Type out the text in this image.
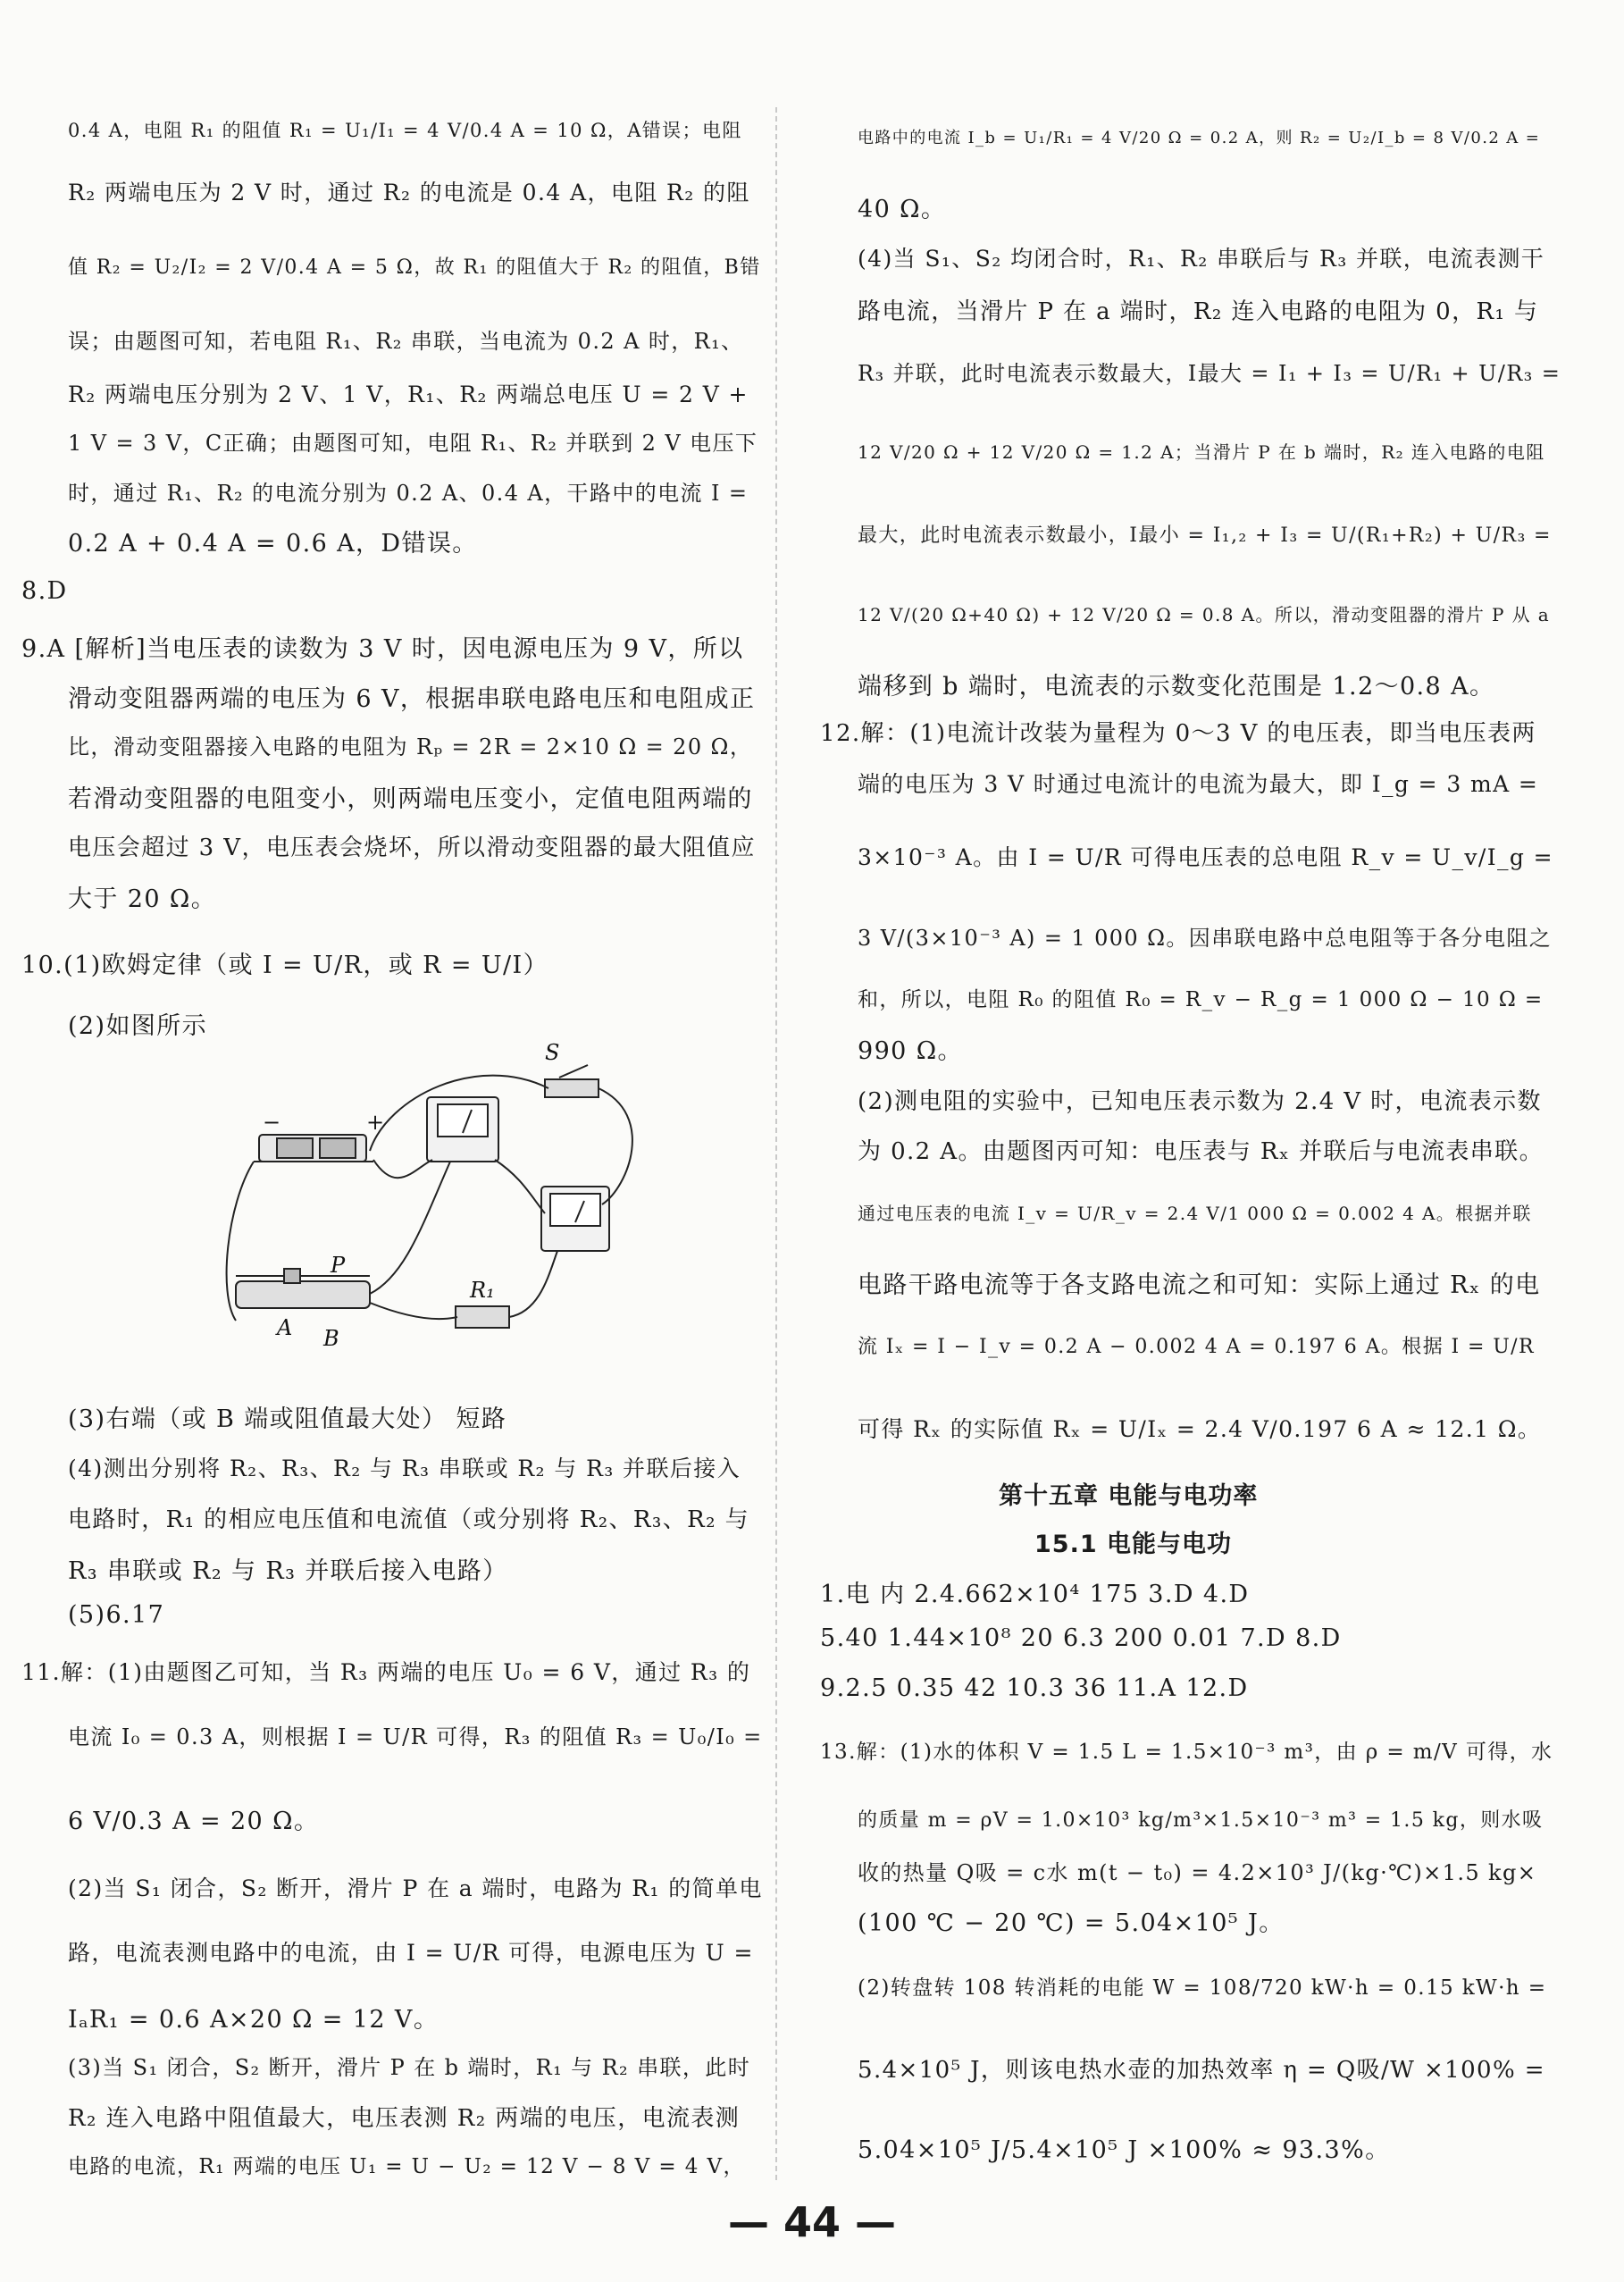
0.4 A，电阻 R₁ 的阻值 R₁ = U₁/I₁ = 4 V/0.4 A = 10 Ω，A错误；电阻
R₂ 两端电压为 2 V 时，通过 R₂ 的电流是 0.4 A，电阻 R₂ 的阻
值 R₂ = U₂/I₂ = 2 V/0.4 A = 5 Ω，故 R₁ 的阻值大于 R₂ 的阻值，B错
误；由题图可知，若电阻 R₁、R₂ 串联，当电流为 0.2 A 时，R₁、
R₂ 两端电压分别为 2 V、1 V，R₁、R₂ 两端总电压 U = 2 V +
1 V = 3 V，C正确；由题图可知，电阻 R₁、R₂ 并联到 2 V 电压下
时，通过 R₁、R₂ 的电流分别为 0.2 A、0.4 A，干路中的电流 I =
0.2 A + 0.4 A = 0.6 A，D错误。
8.D
9.A [解析]当电压表的读数为 3 V 时，因电源电压为 9 V，所以
滑动变阻器两端的电压为 6 V，根据串联电路电压和电阻成正
比，滑动变阻器接入电路的电阻为 Rₚ = 2R = 2×10 Ω = 20 Ω，
若滑动变阻器的电阻变小，则两端电压变小，定值电阻两端的
电压会超过 3 V，电压表会烧坏，所以滑动变阻器的最大阻值应
大于 20 Ω。
10.(1)欧姆定律（或 I = U/R，或 R = U/I）
(2)如图所示
S
−	+
P
A B
R₁
(3)右端（或 B 端或阻值最大处） 短路
(4)测出分别将 R₂、R₃、R₂ 与 R₃ 串联或 R₂ 与 R₃ 并联后接入
电路时，R₁ 的相应电压值和电流值（或分别将 R₂、R₃、R₂ 与
R₃ 串联或 R₂ 与 R₃ 并联后接入电路）
(5)6.17
11.解：(1)由题图乙可知，当 R₃ 两端的电压 U₀ = 6 V，通过 R₃ 的
电流 I₀ = 0.3 A，则根据 I = U/R 可得，R₃ 的阻值 R₃ = U₀/I₀ =
6 V/0.3 A = 20 Ω。
(2)当 S₁ 闭合，S₂ 断开，滑片 P 在 a 端时，电路为 R₁ 的简单电
路，电流表测电路中的电流，由 I = U/R 可得，电源电压为 U =
IₐR₁ = 0.6 A×20 Ω = 12 V。
(3)当 S₁ 闭合，S₂ 断开，滑片 P 在 b 端时，R₁ 与 R₂ 串联，此时
R₂ 连入电路中阻值最大，电压表测 R₂ 两端的电压，电流表测
电路的电流，R₁ 两端的电压 U₁ = U − U₂ = 12 V − 8 V = 4 V，
电路中的电流 I_b = U₁/R₁ = 4 V/20 Ω = 0.2 A，则 R₂ = U₂/I_b = 8 V/0.2 A =
40 Ω。
(4)当 S₁、S₂ 均闭合时，R₁、R₂ 串联后与 R₃ 并联，电流表测干
路电流，当滑片 P 在 a 端时，R₂ 连入电路的电阻为 0，R₁ 与
R₃ 并联，此时电流表示数最大，I最大 = I₁ + I₃ = U/R₁ + U/R₃ =
12 V/20 Ω + 12 V/20 Ω = 1.2 A；当滑片 P 在 b 端时，R₂ 连入电路的电阻
最大，此时电流表示数最小，I最小 = I₁,₂ + I₃ = U/(R₁+R₂) + U/R₃ =
12 V/(20 Ω+40 Ω) + 12 V/20 Ω = 0.8 A。所以，滑动变阻器的滑片 P 从 a
端移到 b 端时，电流表的示数变化范围是 1.2～0.8 A。
12.解：(1)电流计改装为量程为 0～3 V 的电压表，即当电压表两
端的电压为 3 V 时通过电流计的电流为最大，即 I_g = 3 mA =
3×10⁻³ A。由 I = U/R 可得电压表的总电阻 R_v = U_v/I_g =
3 V/(3×10⁻³ A) = 1 000 Ω。因串联电路中总电阻等于各分电阻之
和，所以，电阻 R₀ 的阻值 R₀ = R_v − R_g = 1 000 Ω − 10 Ω =
990 Ω。
(2)测电阻的实验中，已知电压表示数为 2.4 V 时，电流表示数
为 0.2 A。由题图丙可知：电压表与 Rₓ 并联后与电流表串联。
通过电压表的电流 I_v = U/R_v = 2.4 V/1 000 Ω = 0.002 4 A。根据并联
电路干路电流等于各支路电流之和可知：实际上通过 Rₓ 的电
流 Iₓ = I − I_v = 0.2 A − 0.002 4 A = 0.197 6 A。根据 I = U/R
可得 Rₓ 的实际值 Rₓ = U/Iₓ = 2.4 V/0.197 6 A ≈ 12.1 Ω。
第十五章 电能与电功率
15.1 电能与电功
1.电 内 2.4.662×10⁴ 175 3.D 4.D
5.40 1.44×10⁸ 20 6.3 200 0.01 7.D 8.D
9.2.5 0.35 42 10.3 36 11.A 12.D
13.解：(1)水的体积 V = 1.5 L = 1.5×10⁻³ m³，由 ρ = m/V 可得，水
的质量 m = ρV = 1.0×10³ kg/m³×1.5×10⁻³ m³ = 1.5 kg，则水吸
收的热量 Q吸 = c水 m(t − t₀) = 4.2×10³ J/(kg·℃)×1.5 kg×
(100 ℃ − 20 ℃) = 5.04×10⁵ J。
(2)转盘转 108 转消耗的电能 W = 108/720 kW·h = 0.15 kW·h =
5.4×10⁵ J，则该电热水壶的加热效率 η = Q吸/W ×100% =
5.04×10⁵ J/5.4×10⁵ J ×100% ≈ 93.3%。
— 44 —
